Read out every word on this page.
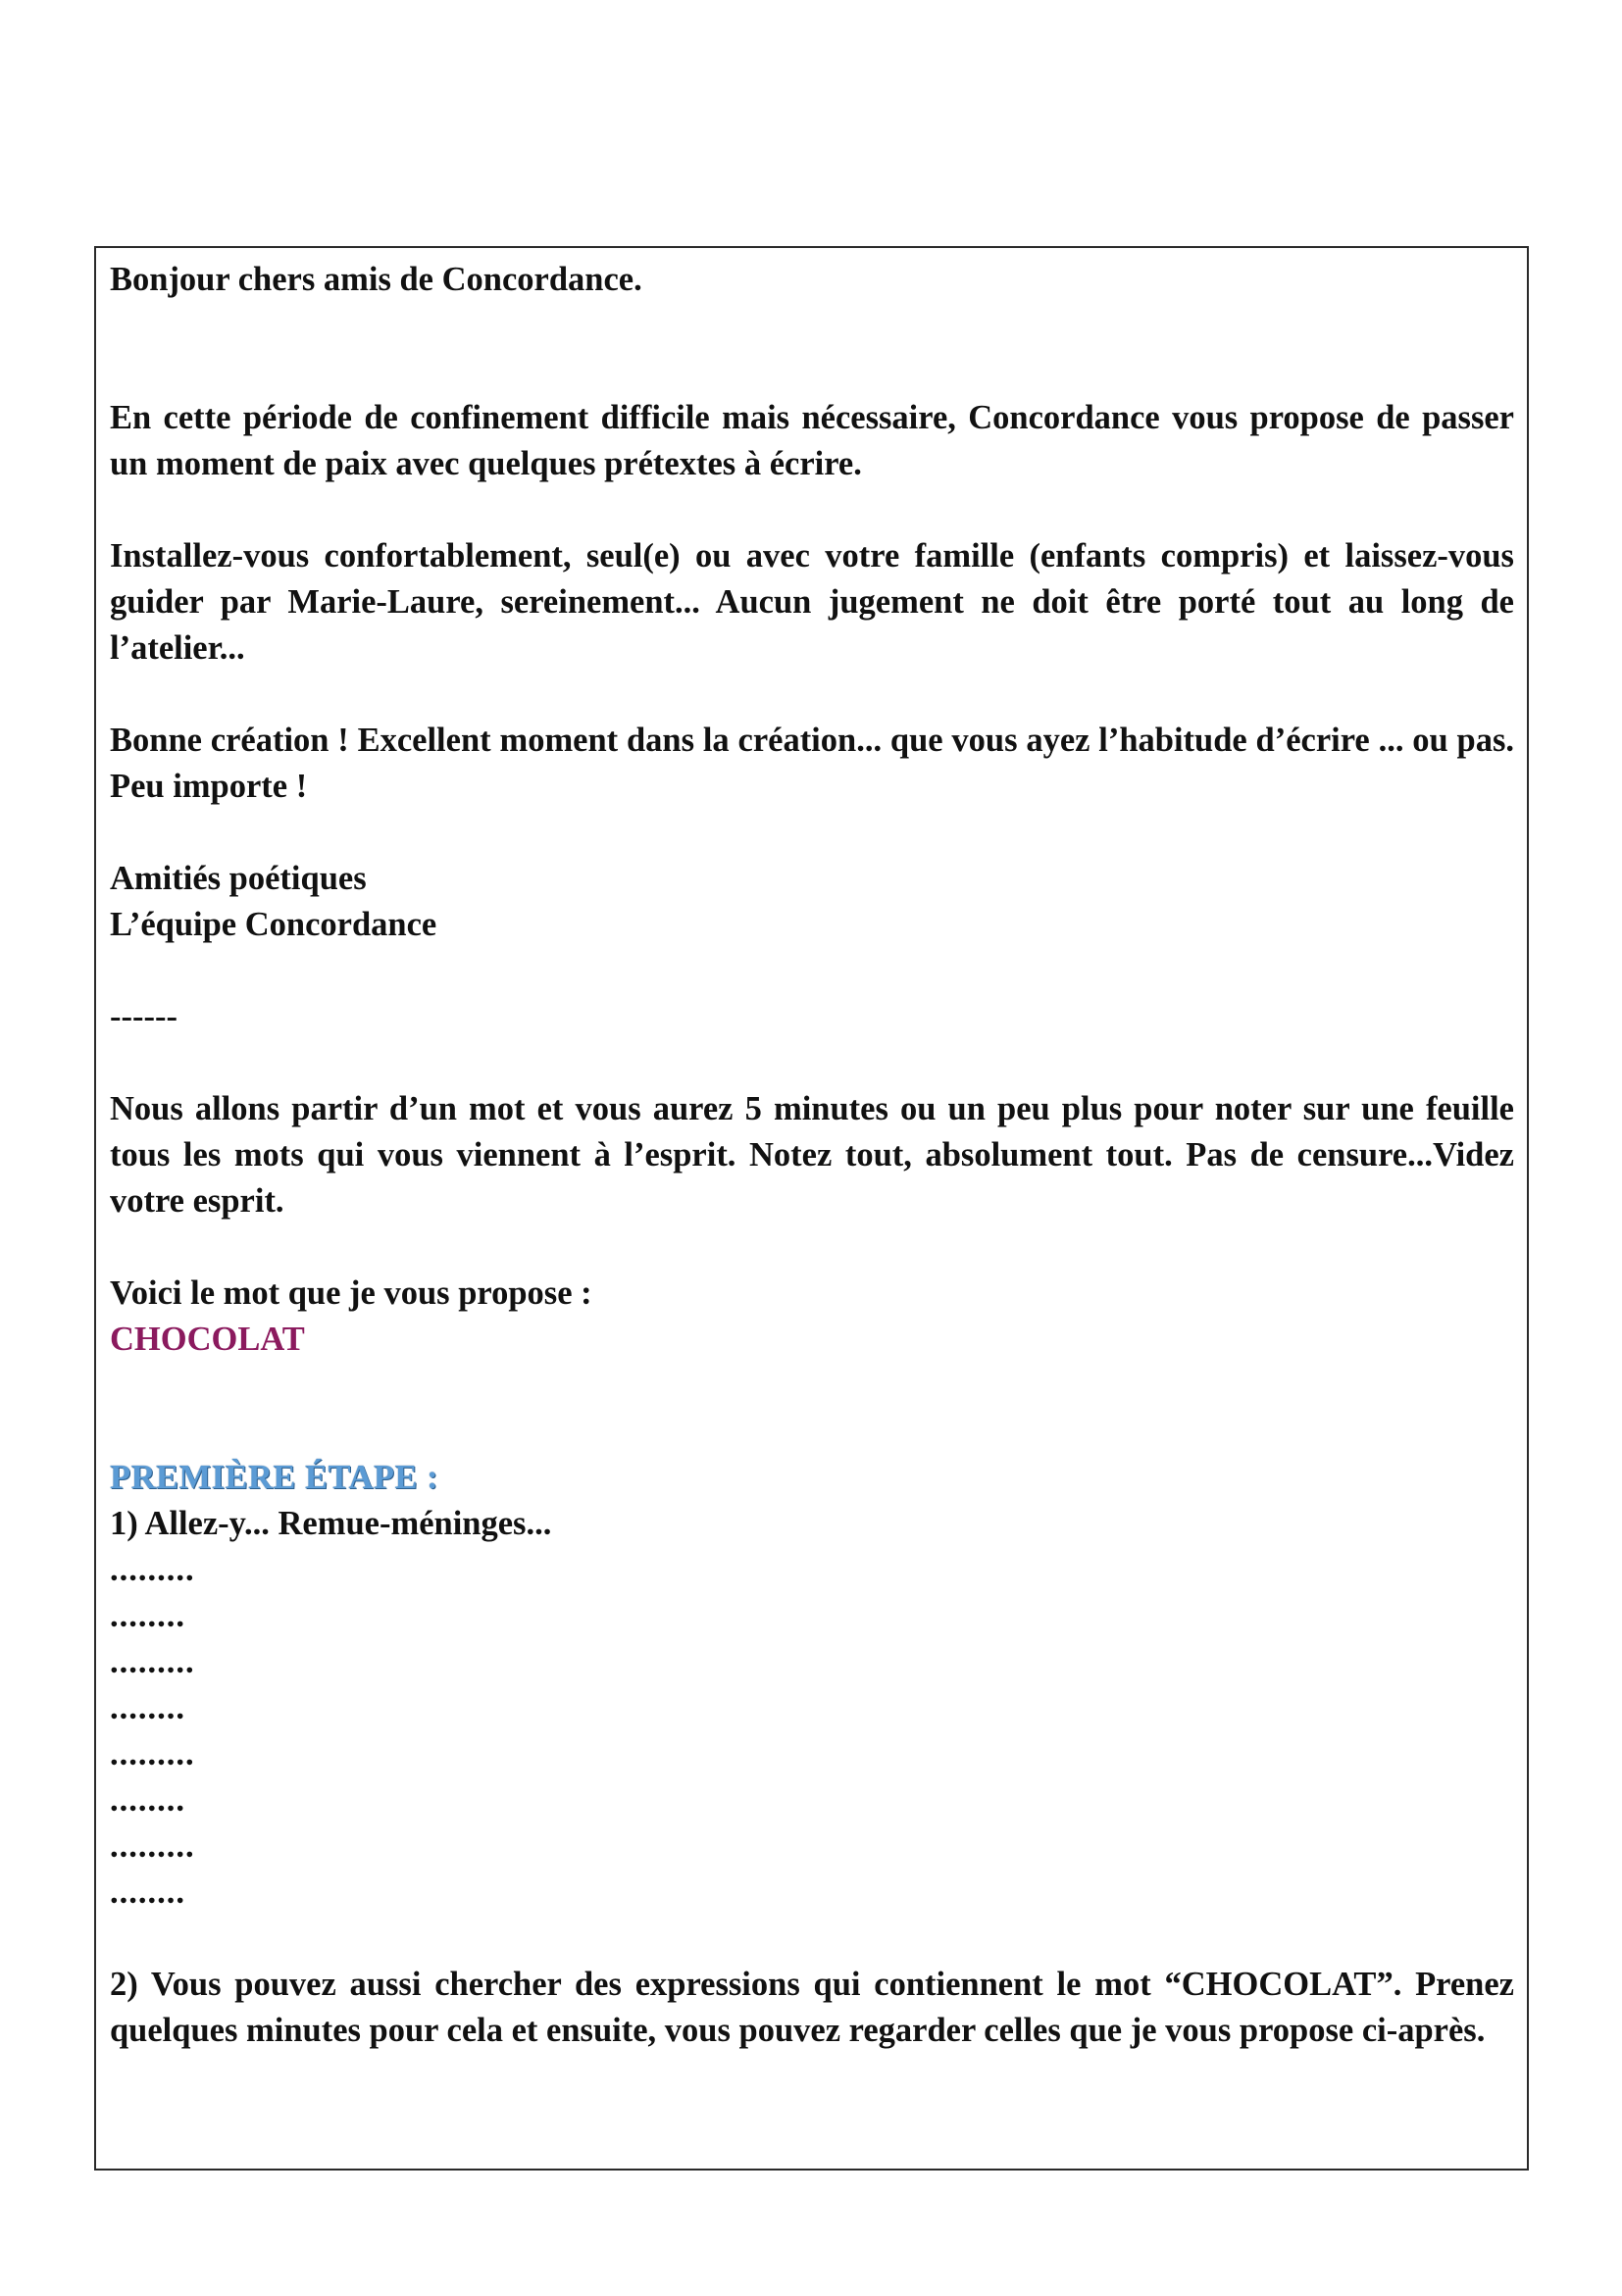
Bonjour chers amis de Concordance.

En cette période de confinement difficile mais nécessaire, Concordance vous propose de passer un moment de paix avec quelques prétextes à écrire.

Installez-vous confortablement, seul(e) ou avec votre famille (enfants compris) et laissez-vous guider par Marie-Laure, sereinement... Aucun jugement ne doit être porté tout au long de l’atelier...

Bonne création ! Excellent moment dans la création... que vous ayez l’habitude d’écrire ... ou pas. Peu importe !

Amitiés poétiques

L’équipe Concordance

------

Nous allons partir d’un mot et vous aurez 5 minutes ou un peu plus pour noter sur une feuille tous les mots qui vous viennent à l’esprit. Notez tout, absolument tout. Pas de censure...Videz votre esprit.

Voici le mot que je vous propose :

CHOCOLAT

PREMIÈRE ÉTAPE :

1) Allez-y... Remue-méninges...

.........

........

.........

........

.........

........

.........

........

2) Vous pouvez aussi chercher des expressions qui contiennent le mot “CHOCOLAT”. Prenez quelques minutes pour cela et ensuite, vous pouvez regarder celles que je vous propose ci-après.
